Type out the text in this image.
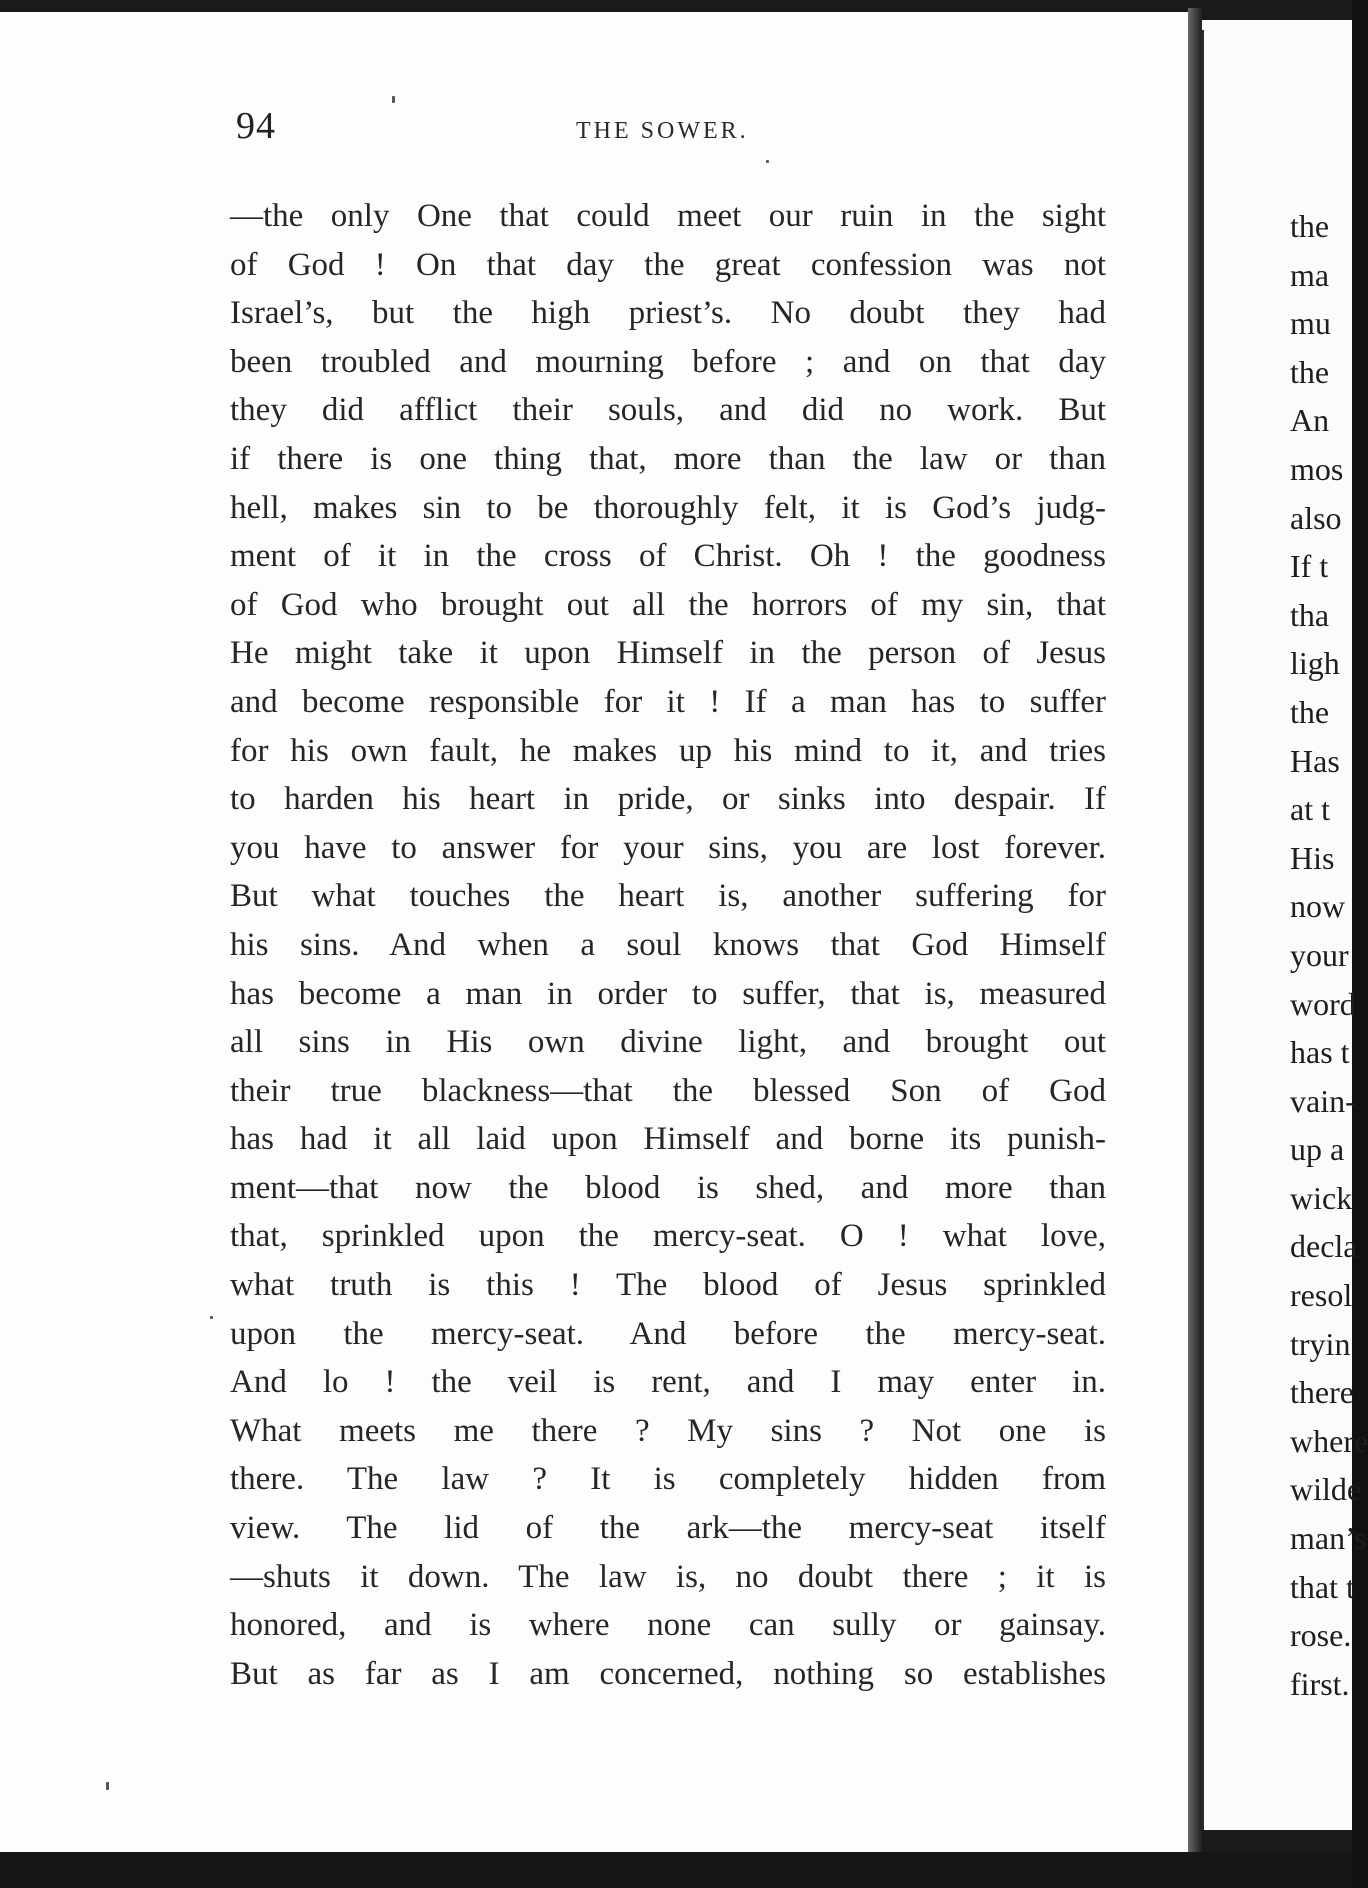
94	THE SOWER.
—the only One that could meet our ruin in the sight
of God ! On that day the great confession was not
Israel’s, but the high priest’s. No doubt they had
been troubled and mourning before ; and on that day
they did afflict their souls, and did no work. But
if there is one thing that, more than the law or than
hell, makes sin to be thoroughly felt, it is God’s judg-
ment of it in the cross of Christ. Oh ! the goodness
of God who brought out all the horrors of my sin, that
He might take it upon Himself in the person of Jesus
and become responsible for it ! If a man has to suffer
for his own fault, he makes up his mind to it, and tries
to harden his heart in pride, or sinks into despair. If
you have to answer for your sins, you are lost forever.
But what touches the heart is, another suffering for
his sins. And when a soul knows that God Himself
has become a man in order to suffer, that is, measured
all sins in His own divine light, and brought out
their true blackness—that the blessed Son of God
has had it all laid upon Himself and borne its punish-
ment—that now the blood is shed, and more than
that, sprinkled upon the mercy-seat. O ! what love,
what truth is this ! The blood of Jesus sprinkled
upon the mercy-seat. And before the mercy-seat.
And lo ! the veil is rent, and I may enter in.
What meets me there ? My sins ? Not one is
there. The law ? It is completely hidden from
view. The lid of the ark—the mercy-seat itself
—shuts it down. The law is, no doubt there ; it is
honored, and is where none can sully or gainsay.
But as far as I am concerned, nothing so establishes
the
ma
mu
the
An
mos
also
If t
tha
ligh
the
Has
at t
His
now
your
word
has t
vain-
up a
wick
decla
resol
tryin
there
where
wilde
man’s
that t
rose.
first.
